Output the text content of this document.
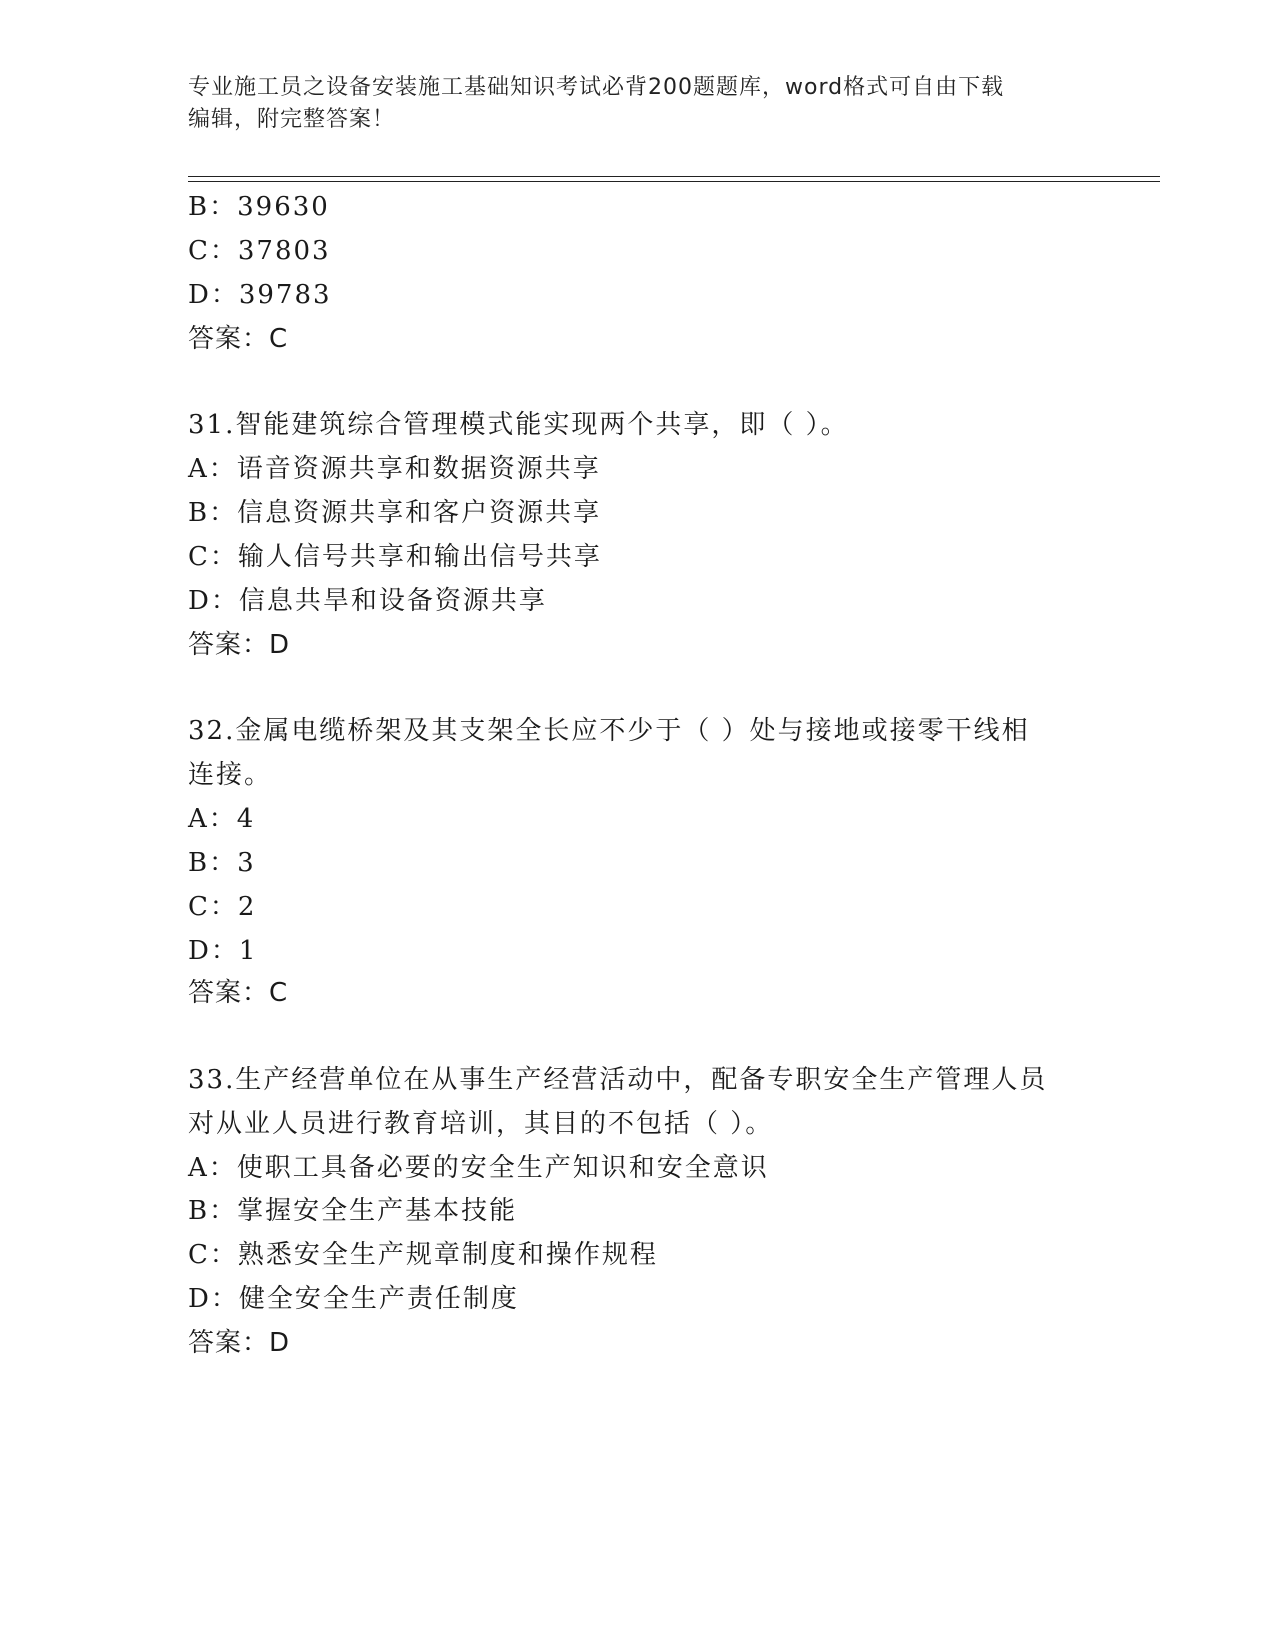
专业施工员之设备安装施工基础知识考试必背200题题库，word格式可自由下载
编辑，附完整答案！
B：39630
C：37803
D：39783
答案：C
31.智能建筑综合管理模式能实现两个共享，即（ ）。
A：语音资源共享和数据资源共享
B：信息资源共享和客户资源共享
C：输人信号共享和输出信号共享
D：信息共旱和设备资源共享
答案：D
32.金属电缆桥架及其支架全长应不少于（ ）处与接地或接零干线相
连接。
A：4
B：3
C：2
D：1
答案：C
33.生产经营单位在从事生产经营活动中，配备专职安全生产管理人员
对从业人员进行教育培训，其目的不包括（ ）。
A：使职工具备必要的安全生产知识和安全意识
B：掌握安全生产基本技能
C：熟悉安全生产规章制度和操作规程
D：健全安全生产责任制度
答案：D
